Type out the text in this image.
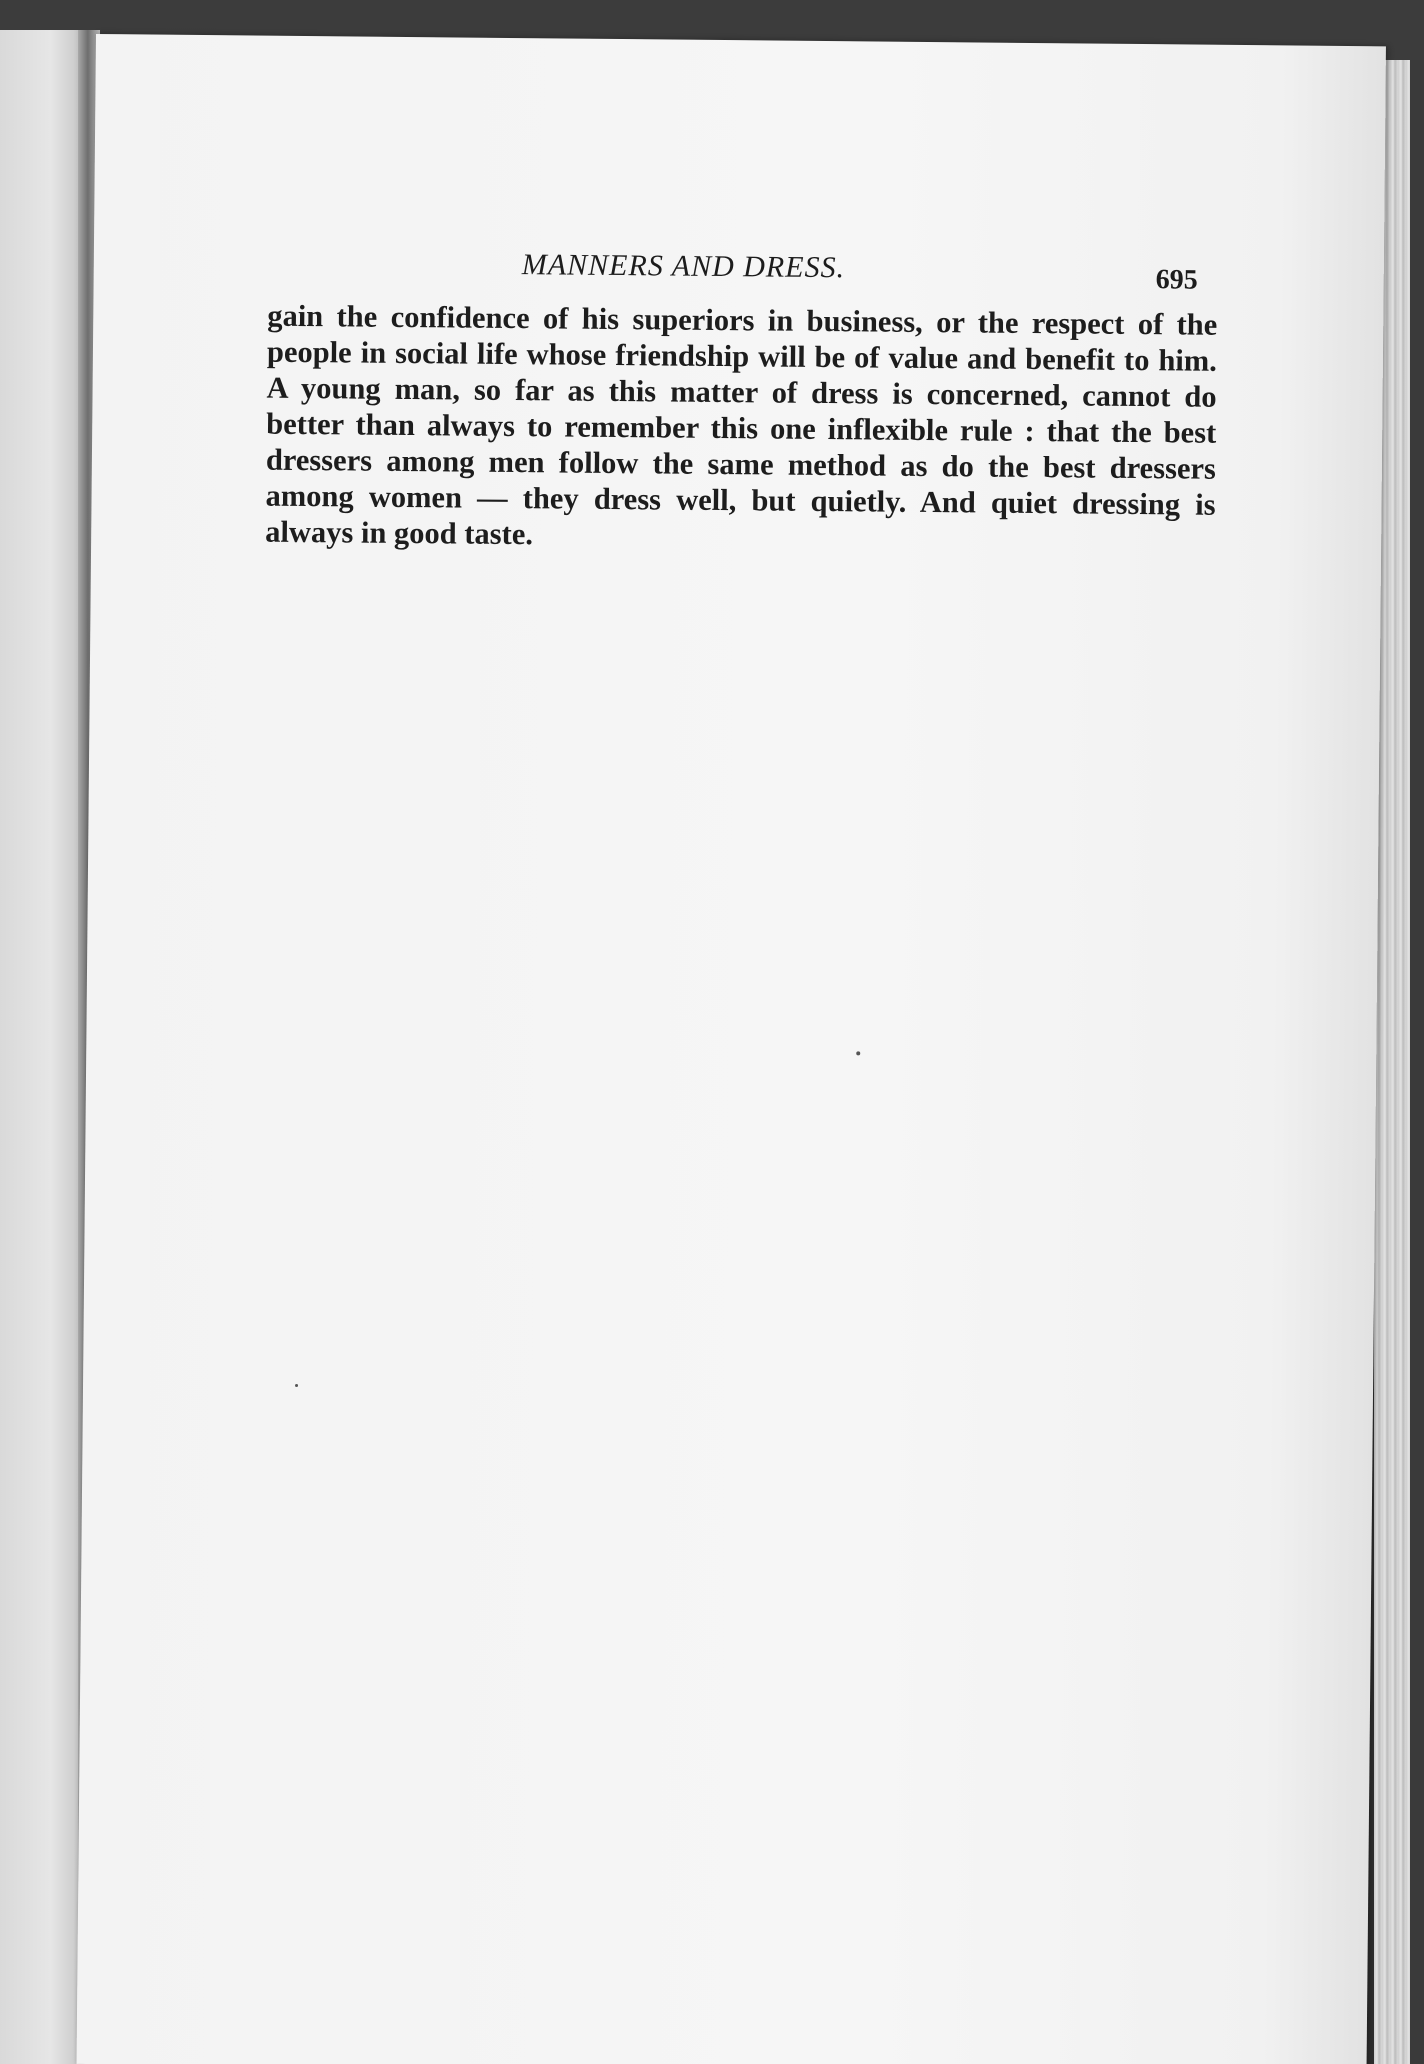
MANNERS AND DRESS.	695

gain the confidence of his superiors in business, or the respect of the people in social life whose friendship will be of value and benefit to him. A young man, so far as this matter of dress is concerned, cannot do better than always to remember this one inflexible rule : that the best dressers among men follow the same method as do the best dressers among women — they dress well, but quietly. And quiet dressing is always in good taste.
